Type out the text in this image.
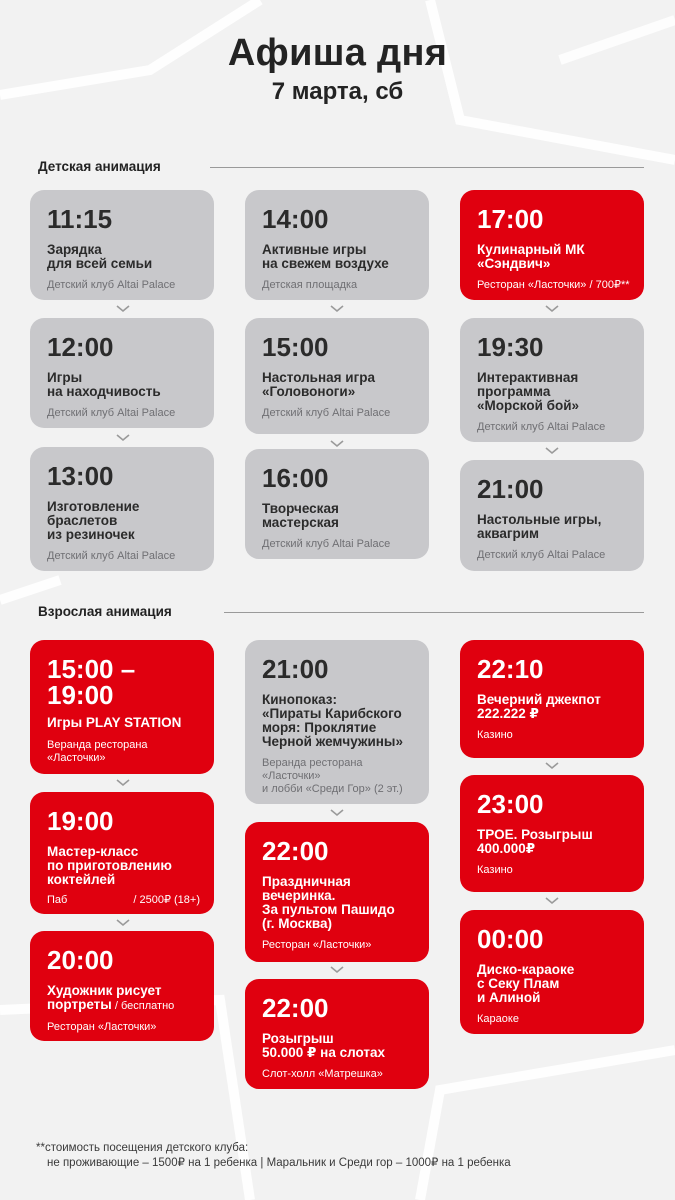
Афиша дня
7 марта, сб
Детская анимация
11:15
Зарядка
для всей семьи
Детский клуб Altai Palace
12:00
Игры
на находчивость
Детский клуб Altai Palace
13:00
Изготовление
браслетов
из резиночек
Детский клуб Altai Palace
14:00
Активные игры
на свежем воздухе
Детская площадка
15:00
Настольная игра
«Головоноги»
Детский клуб Altai Palace
16:00
Творческая
мастерская
Детский клуб Altai Palace
17:00
Кулинарный МК
«Сэндвич»
Ресторан «Ласточки» / 700₽**
19:30
Интерактивная
программа
«Морской бой»
Детский клуб Altai Palace
21:00
Настольные игры,
аквагрим
Детский клуб Altai Palace
Взрослая анимация
15:00 –
19:00
Игры PLAY STATION
Веранда ресторана
«Ласточки»
19:00
Мастер-класс
по приготовлению
коктейлей
Паб	/ 2500₽ (18+)
20:00
Художник рисует
портреты / бесплатно
Ресторан «Ласточки»
21:00
Кинопоказ:
«Пираты Карибского
моря: Проклятие
Черной жемчужины»
Веранда ресторана
«Ласточки»
и лобби «Среди Гор» (2 эт.)
22:00
Праздничная
вечеринка.
За пультом Пашидо
(г. Москва)
Ресторан «Ласточки»
22:00
Розыгрыш
50.000 ₽ на слотах
Слот-холл «Матрешка»
22:10
Вечерний джекпот
222.222 ₽
Казино
23:00
ТРОЕ. Розыгрыш
400.000₽
Казино
00:00
Диско-караоке
с Секу Плам
и Алиной
Караоке
**стоимость посещения детского клуба:
не проживающие – 1500₽ на 1 ребенка | Маральник и Среди гор – 1000₽ на 1 ребенка
